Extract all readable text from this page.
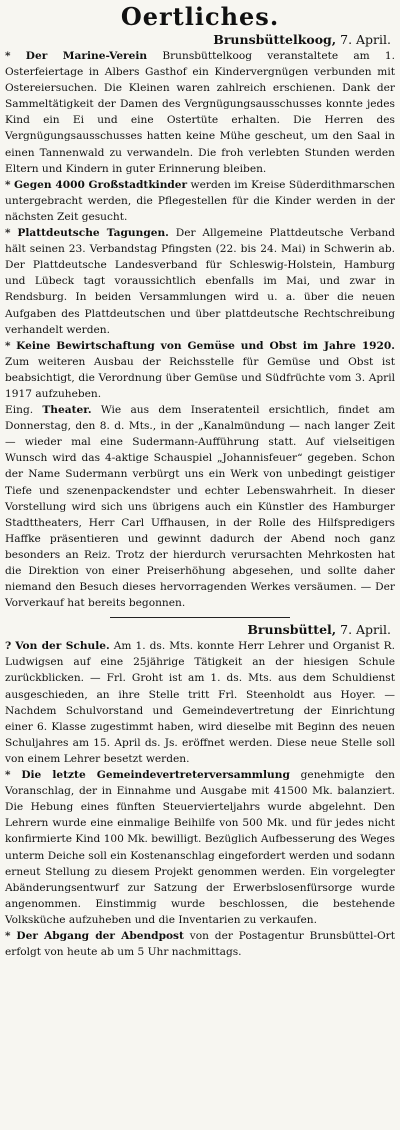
Oertliches.
Brunsbüttelkoog, 7. April.

* Der Marine-Verein Brunsbüttelkoog veranstaltete am 1. Osterfeiertage in Albers Gasthof ein Kindervergnügen verbunden mit Ostereiersuchen. Die Kleinen waren zahlreich erschienen. Dank der Sammeltätigkeit der Damen des Vergnügungsausschusses konnte jedes Kind ein Ei und eine Ostertüte erhalten. Die Herren des Vergnügungsausschusses hatten keine Mühe gescheut, um den Saal in einen Tannenwald zu verwandeln. Die froh verlebten Stunden werden Eltern und Kindern in guter Erinnerung bleiben.

* Gegen 4000 Großstadtkinder werden im Kreise Süderdithmarschen untergebracht werden, die Pflegestellen für die Kinder werden in der nächsten Zeit gesucht.

* Plattdeutsche Tagungen. Der Allgemeine Plattdeutsche Verband hält seinen 23. Verbandstag Pfingsten (22. bis 24. Mai) in Schwerin ab. Der Plattdeutsche Landesverband für Schleswig-Holstein, Hamburg und Lübeck tagt voraussichtlich ebenfalls im Mai, und zwar in Rendsburg. In beiden Versammlungen wird u. a. über die neuen Aufgaben des Plattdeutschen und über plattdeutsche Rechtschreibung verhandelt werden.

* Keine Bewirtschaftung von Gemüse und Obst im Jahre 1920. Zum weiteren Ausbau der Reichsstelle für Gemüse und Obst ist beabsichtigt, die Verordnung über Gemüse und Südfrüchte vom 3. April 1917 aufzuheben.

Eing. Theater. Wie aus dem Inseratenteil ersichtlich, findet am Donnerstag, den 8. d. Mts., in der „Kanalmündung — nach langer Zeit — wieder mal eine Sudermann-Aufführung statt. Auf vielseitigen Wunsch wird das 4-aktige Schauspiel „Johannisfeuer“ gegeben. Schon der Name Sudermann verbürgt uns ein Werk von unbedingt geistiger Tiefe und szenenpackendster und echter Lebenswahrheit. In dieser Vorstellung wird sich uns übrigens auch ein Künstler des Hamburger Stadttheaters, Herr Carl Uffhausen, in der Rolle des Hilfspredigers Haffke präsentieren und gewinnt dadurch der Abend noch ganz besonders an Reiz. Trotz der hierdurch verursachten Mehrkosten hat die Direktion von einer Preiserhöhung abgesehen, und sollte daher niemand den Besuch dieses hervorragenden Werkes versäumen. — Der Vorverkauf hat bereits begonnen.

Brunsbüttel, 7. April.

? Von der Schule. Am 1. ds. Mts. konnte Herr Lehrer und Organist R. Ludwigsen auf eine 25jährige Tätigkeit an der hiesigen Schule zurückblicken. — Frl. Groht ist am 1. ds. Mts. aus dem Schuldienst ausgeschieden, an ihre Stelle tritt Frl. Steenholdt aus Hoyer. — Nachdem Schulvorstand und Gemeindevertretung der Einrichtung einer 6. Klasse zugestimmt haben, wird dieselbe mit Beginn des neuen Schuljahres am 15. April ds. Js. eröffnet werden. Diese neue Stelle soll von einem Lehrer besetzt werden.

* Die letzte Gemeindevertreterversammlung genehmigte den Voranschlag, der in Einnahme und Ausgabe mit 41500 Mk. balanziert. Die Hebung eines fünften Steuervierteljahrs wurde abgelehnt. Den Lehrern wurde eine einmalige Beihilfe von 500 Mk. und für jedes nicht konfirmierte Kind 100 Mk. bewilligt. Bezüglich Aufbesserung des Weges unterm Deiche soll ein Kostenanschlag eingefordert werden und sodann erneut Stellung zu diesem Projekt genommen werden. Ein vorgelegter Abänderungsentwurf zur Satzung der Erwerbslosenfürsorge wurde angenommen. Einstimmig wurde beschlossen, die bestehende Volksküche aufzuheben und die Inventarien zu verkaufen.

* Der Abgang der Abendpost von der Postagentur Brunsbüttel-Ort erfolgt von heute ab um 5 Uhr nachmittags.
